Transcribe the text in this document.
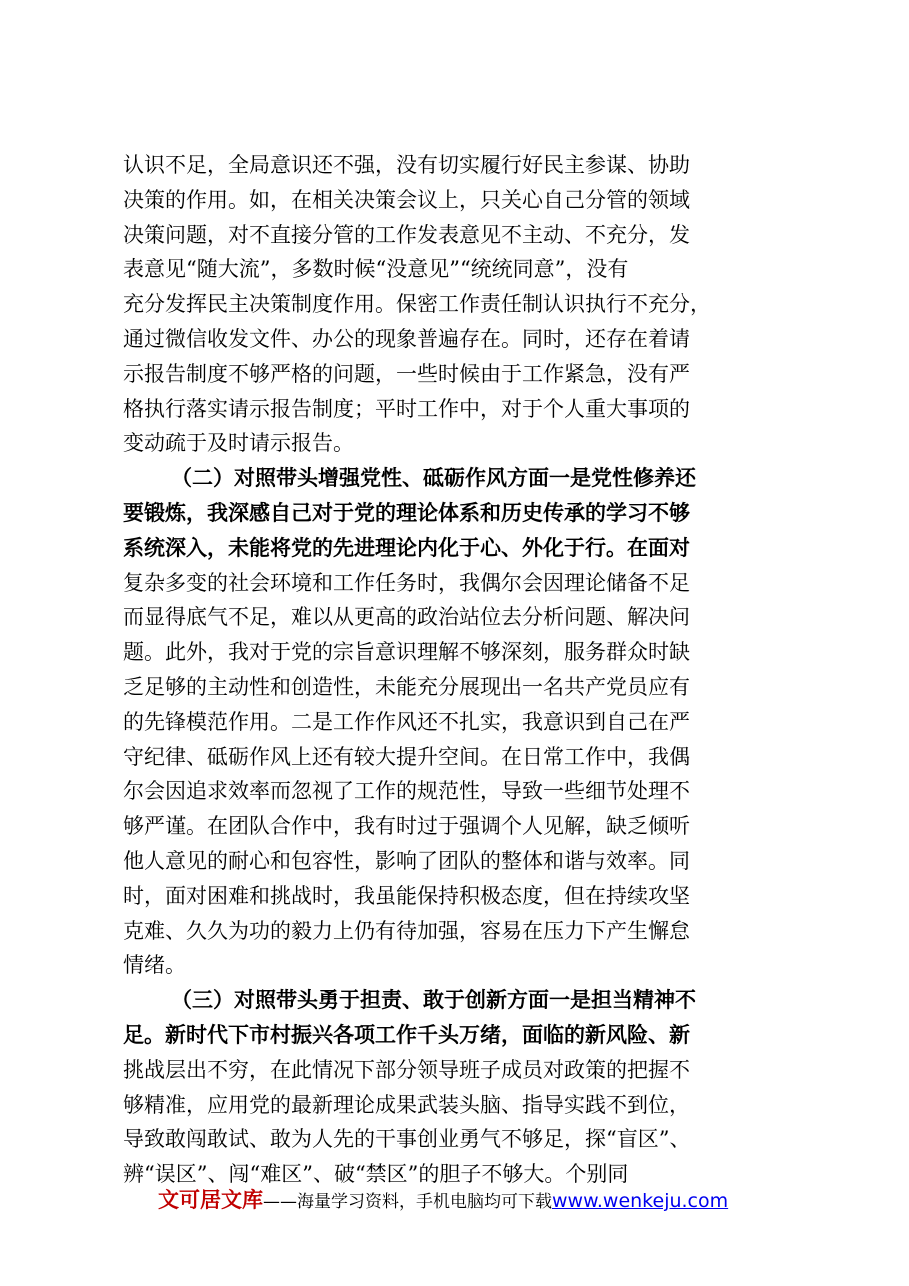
认识不足，全局意识还不强，没有切实履行好民主参谋、协助
决策的作用。如，在相关决策会议上，只关心自己分管的领域
决策问题，对不直接分管的工作发表意见不主动、不充分，发
表意见“随大流”，多数时候“没意见”“统统同意”，没有
充分发挥民主决策制度作用。保密工作责任制认识执行不充分，
通过微信收发文件、办公的现象普遍存在。同时，还存在着请
示报告制度不够严格的问题，一些时候由于工作紧急，没有严
格执行落实请示报告制度；平时工作中，对于个人重大事项的
变动疏于及时请示报告。
（二）对照带头增强党性、砥砺作风方面一是党性修养还
要锻炼，我深感自己对于党的理论体系和历史传承的学习不够
系统深入，未能将党的先进理论内化于心、外化于行。在面对
复杂多变的社会环境和工作任务时，我偶尔会因理论储备不足
而显得底气不足，难以从更高的政治站位去分析问题、解决问
题。此外，我对于党的宗旨意识理解不够深刻，服务群众时缺
乏足够的主动性和创造性，未能充分展现出一名共产党员应有
的先锋模范作用。二是工作作风还不扎实，我意识到自己在严
守纪律、砥砺作风上还有较大提升空间。在日常工作中，我偶
尔会因追求效率而忽视了工作的规范性，导致一些细节处理不
够严谨。在团队合作中，我有时过于强调个人见解，缺乏倾听
他人意见的耐心和包容性，影响了团队的整体和谐与效率。同
时，面对困难和挑战时，我虽能保持积极态度，但在持续攻坚
克难、久久为功的毅力上仍有待加强，容易在压力下产生懈怠
情绪。
（三）对照带头勇于担责、敢于创新方面一是担当精神不
足。新时代下市村振兴各项工作千头万绪，面临的新风险、新
挑战层出不穷，在此情况下部分领导班子成员对政策的把握不
够精准，应用党的最新理论成果武装头脑、指导实践不到位，
导致敢闯敢试、敢为人先的干事创业勇气不够足，探“盲区”、
辨“误区”、闯“难区”、破“禁区”的胆子不够大。个别同
文可居文库——海量学习资料，手机电脑均可下载www.wenkeju.com
